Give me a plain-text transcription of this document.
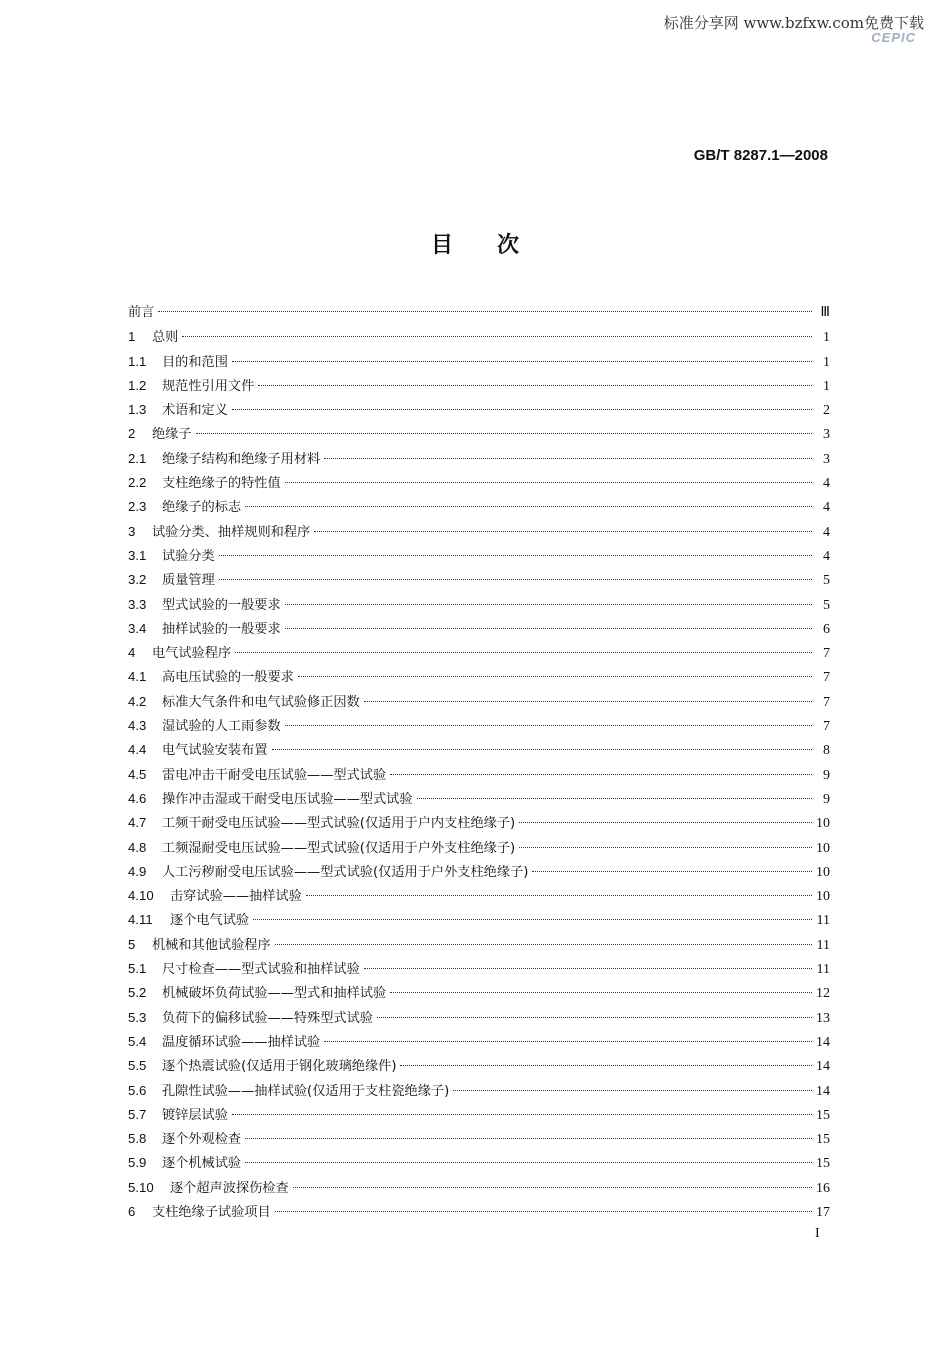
标准分享网 www.bzfxw.com免费下载
CEPIC
GB/T 8287.1—2008
目次
前言	Ⅲ
1	总则	1
1.1	目的和范围	1
1.2	规范性引用文件	1
1.3	术语和定义	2
2	绝缘子	3
2.1	绝缘子结构和绝缘子用材料	3
2.2	支柱绝缘子的特性值	4
2.3	绝缘子的标志	4
3	试验分类、抽样规则和程序	4
3.1	试验分类	4
3.2	质量管理	5
3.3	型式试验的一般要求	5
3.4	抽样试验的一般要求	6
4	电气试验程序	7
4.1	高电压试验的一般要求	7
4.2	标准大气条件和电气试验修正因数	7
4.3	湿试验的人工雨参数	7
4.4	电气试验安装布置	8
4.5	雷电冲击干耐受电压试验——型式试验	9
4.6	操作冲击湿或干耐受电压试验——型式试验	9
4.7	工频干耐受电压试验——型式试验(仅适用于户内支柱绝缘子)	10
4.8	工频湿耐受电压试验——型式试验(仅适用于户外支柱绝缘子)	10
4.9	人工污秽耐受电压试验——型式试验(仅适用于户外支柱绝缘子)	10
4.10	击穿试验——抽样试验	10
4.11	逐个电气试验	11
5	机械和其他试验程序	11
5.1	尺寸检查——型式试验和抽样试验	11
5.2	机械破坏负荷试验——型式和抽样试验	12
5.3	负荷下的偏移试验——特殊型式试验	13
5.4	温度循环试验——抽样试验	14
5.5	逐个热震试验(仅适用于钢化玻璃绝缘件)	14
5.6	孔隙性试验——抽样试验(仅适用于支柱瓷绝缘子)	14
5.7	镀锌层试验	15
5.8	逐个外观检查	15
5.9	逐个机械试验	15
5.10	逐个超声波探伤检查	16
6	支柱绝缘子试验项目	17
I
